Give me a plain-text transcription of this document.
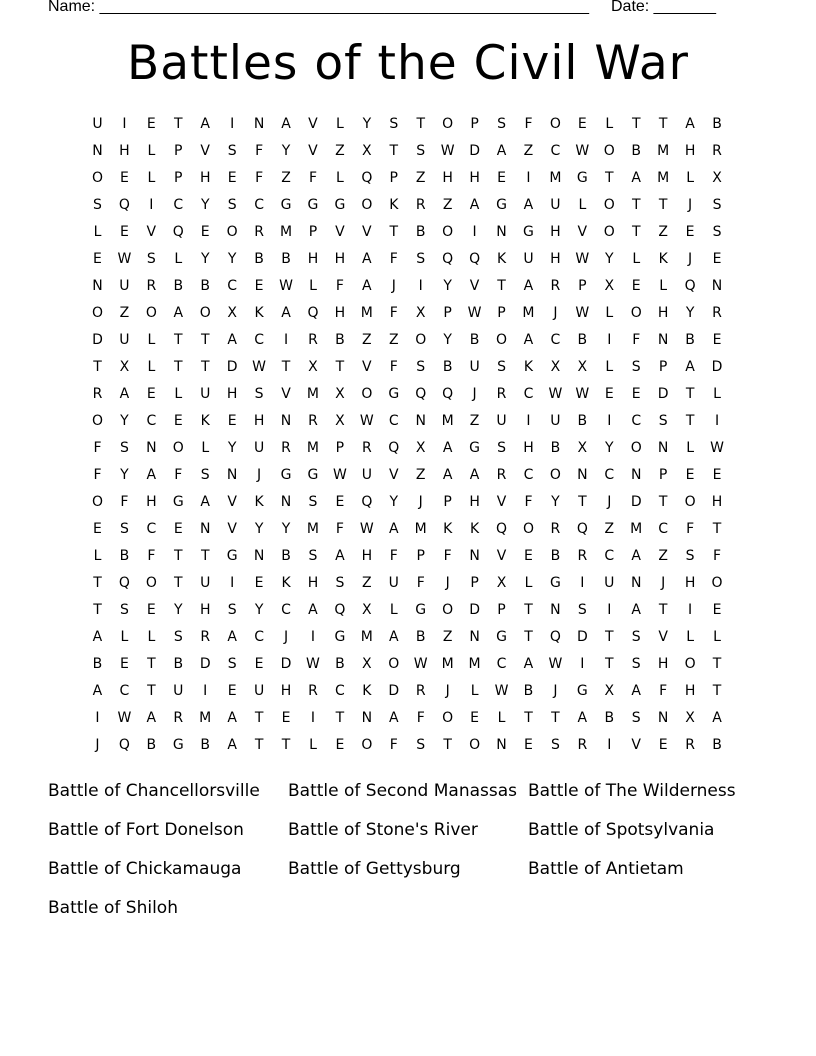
Name: _______________________________________________________ Date: _______
Battles of the Civil War
U	I	E	T	A	I	N	A	V	L	Y	S	T	O	P	S	F	O	E	L	T	T	A	B
N	H	L	P	V	S	F	Y	V	Z	X	T	S	W	D	A	Z	C	W	O	B	M	H	R
O	E	L	P	H	E	F	Z	F	L	Q	P	Z	H	H	E	I	M	G	T	A	M	L	X
S	Q	I	C	Y	S	C	G	G	G	O	K	R	Z	A	G	A	U	L	O	T	T	J	S
L	E	V	Q	E	O	R	M	P	V	V	T	B	O	I	N	G	H	V	O	T	Z	E	S
E	W	S	L	Y	Y	B	B	H	H	A	F	S	Q	Q	K	U	H	W	Y	L	K	J	E
N	U	R	B	B	C	E	W	L	F	A	J	I	Y	V	T	A	R	P	X	E	L	Q	N
O	Z	O	A	O	X	K	A	Q	H	M	F	X	P	W	P	M	J	W	L	O	H	Y	R
D	U	L	T	T	A	C	I	R	B	Z	Z	O	Y	B	O	A	C	B	I	F	N	B	E
T	X	L	T	T	D	W	T	X	T	V	F	S	B	U	S	K	X	X	L	S	P	A	D
R	A	E	L	U	H	S	V	M	X	O	G	Q	Q	J	R	C	W W	E	E	D	T	L
O	Y	C	E	K	E	H	N	R	X	W	C	N	M	Z	U	I	U	B	I	C	S	T	I
F	S	N	O	L	Y	U	R	M	P	R	Q	X	A	G	S	H	B	X	Y	O	N	L	W
F	Y	A	F	S	N	J	G	G	W	U	V	Z	A	A	R	C	O	N	C	N	P	E	E
O	F	H	G	A	V	K	N	S	E	Q	Y	J	P	H	V	F	Y	T	J	D	T	O	H
E	S	C	E	N	V	Y	Y	M	F	W	A	M	K	K	Q	O	R	Q	Z	M	C	F	T
L	B	F	T	T	G	N	B	S	A	H	F	P	F	N	V	E	B	R	C	A	Z	S	F
T	Q	O	T	U	I	E	K	H	S	Z	U	F	J	P	X	L	G	I	U	N	J	H	O
T	S	E	Y	H	S	Y	C	A	Q	X	L	G	O	D	P	T	N	S	I	A	T	I	E
A	L	L	S	R	A	C	J	I	G	M	A	B	Z	N	G	T	Q	D	T	S	V	L	L
B	E	T	B	D	S	E	D	W	B	X	O	W M	M	C	A	W	I	T	S	H	O	T
A	C	T	U	I	E	U	H	R	C	K	D	R	J	L	W	B	J	G	X	A	F	H	T
I	W	A	R	M	A	T	E	I	T	N	A	F	O	E	L	T	T	A	B	S	N	X	A
J	Q	B	G	B	A	T	T	L	E	O	F	S	T	O	N	E	S	R	I	V	E	R	B
Battle of Chancellorsville	Battle of Second Manassas Battle of The Wilderness
Battle of Fort Donelson	Battle of Stone's River	Battle of Spotsylvania
Battle of Chickamauga	Battle of Gettysburg	Battle of Antietam
Battle of Shiloh
